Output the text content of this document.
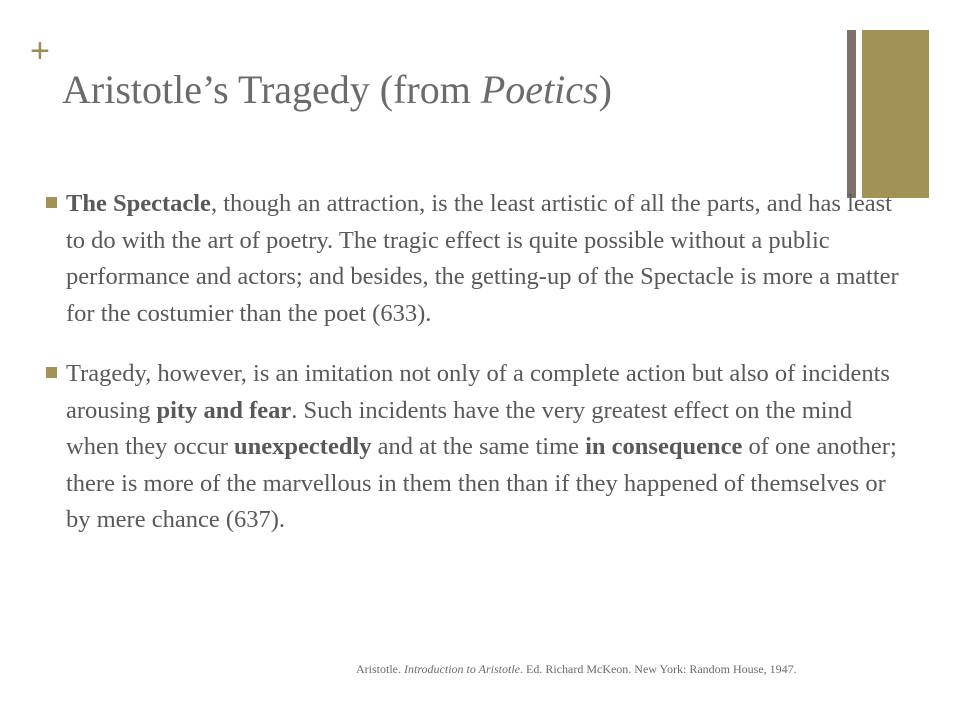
+
Aristotle’s Tragedy (from Poetics)
The Spectacle, though an attraction, is the least artistic of all the parts, and has least to do with the art of poetry. The tragic effect is quite possible without a public performance and actors; and besides, the getting-up of the Spectacle is more a matter for the costumier than the poet (633).
Tragedy, however, is an imitation not only of a complete action but also of incidents arousing pity and fear. Such incidents have the very greatest effect on the mind when they occur unexpectedly and at the same time in consequence of one another; there is more of the marvellous in them then than if they happened of themselves or by mere chance (637).
Aristotle. Introduction to Aristotle. Ed. Richard McKeon. New York: Random House, 1947.
